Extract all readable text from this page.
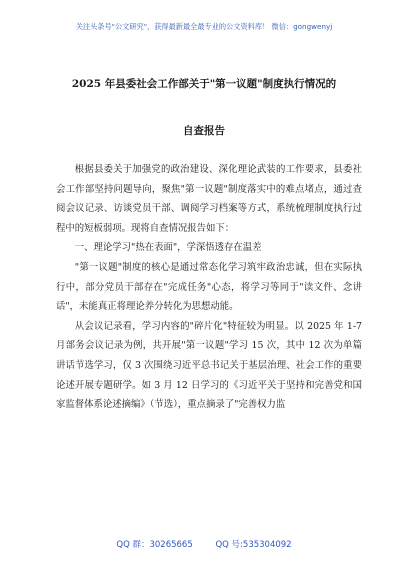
关注头条号"公文研究"，获得最新最全最专业的公文资料库！ 微信：gongwenyj
2025 年县委社会工作部关于"第一议题"制度执行情况的
自查报告

根据县委关于加强党的政治建设、深化理论武装的工作要求，县委社会工作部坚持问题导向，聚焦"第一议题"制度落实中的难点堵点，通过查阅会议记录、访谈党员干部、调阅学习档案等方式，系统梳理制度执行过程中的短板弱项。现将自查情况报告如下：

一、理论学习"热在表面"，学深悟透存在温差

"第一议题"制度的核心是通过常态化学习筑牢政治忠诚，但在实际执行中，部分党员干部存在"完成任务"心态，将学习等同于"读文件、念讲话"，未能真正将理论养分转化为思想动能。

从会议记录看，学习内容的"碎片化"特征较为明显。以 2025 年 1-7 月部务会议记录为例，共开展"第一议题"学习 15 次，其中 12 次为单篇讲话节选学习，仅 3 次围绕习近平总书记关于基层治理、社会工作的重要论述开展专题研学。如 3 月 12 日学习的《习近平关于坚持和完善党和国家监督体系论述摘编》（节选），重点摘录了"完善权力监

QQ 群：30265665	QQ 号:535304092
